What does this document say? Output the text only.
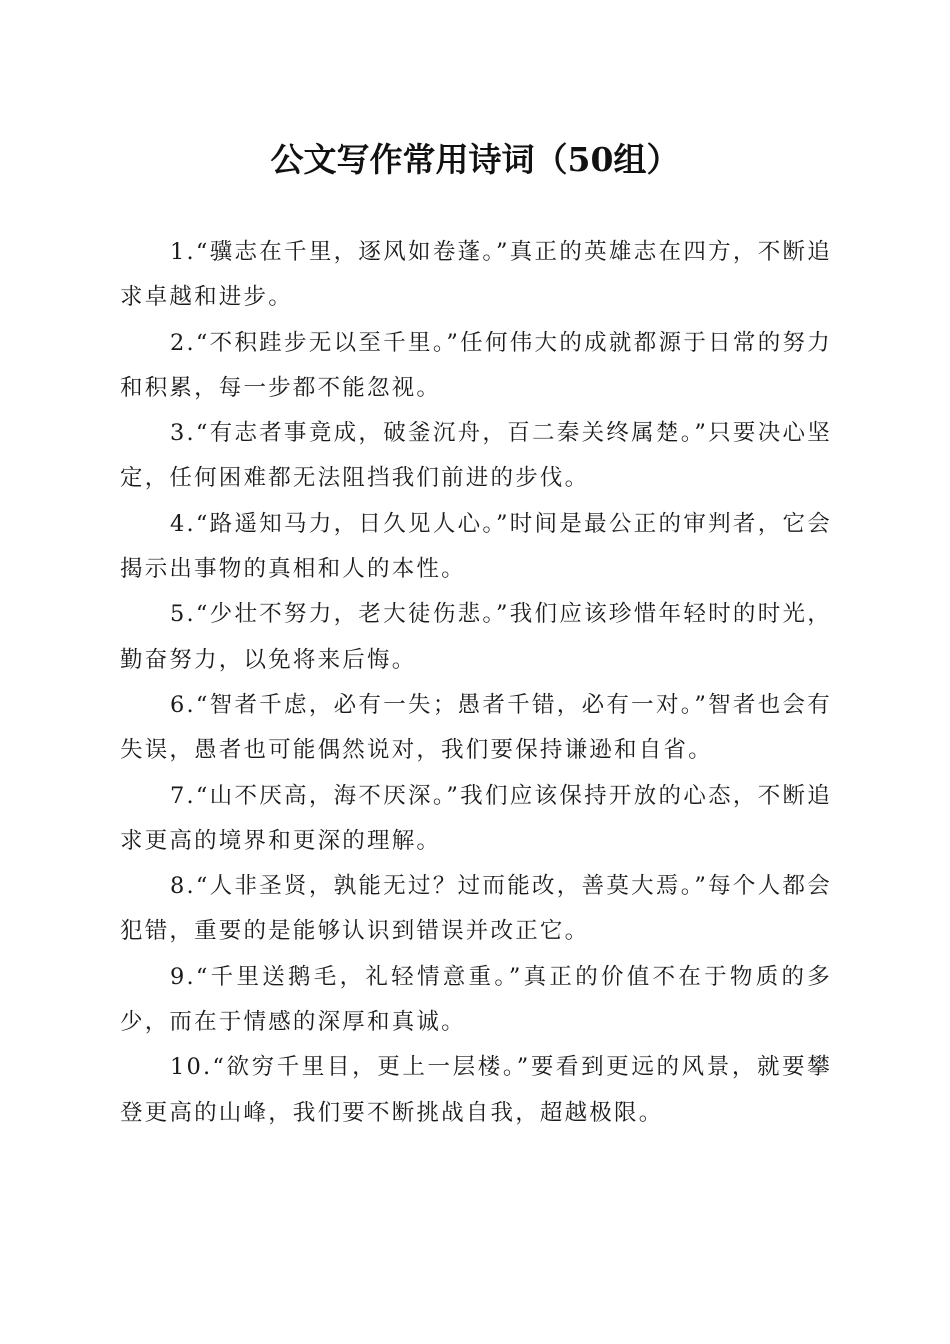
公文写作常用诗词（50组）

1.“骥志在千里，逐风如卷蓬。”真正的英雄志在四方，不断追求卓越和进步。

2.“不积跬步无以至千里。”任何伟大的成就都源于日常的努力和积累，每一步都不能忽视。

3.“有志者事竟成，破釜沉舟，百二秦关终属楚。”只要决心坚定，任何困难都无法阻挡我们前进的步伐。

4.“路遥知马力，日久见人心。”时间是最公正的审判者，它会揭示出事物的真相和人的本性。

5.“少壮不努力，老大徒伤悲。”我们应该珍惜年轻时的时光，勤奋努力，以免将来后悔。

6.“智者千虑，必有一失；愚者千错，必有一对。”智者也会有失误，愚者也可能偶然说对，我们要保持谦逊和自省。

7.“山不厌高，海不厌深。”我们应该保持开放的心态，不断追求更高的境界和更深的理解。

8.“人非圣贤，孰能无过？过而能改，善莫大焉。”每个人都会犯错，重要的是能够认识到错误并改正它。

9.“千里送鹅毛，礼轻情意重。”真正的价值不在于物质的多少，而在于情感的深厚和真诚。

10.“欲穷千里目，更上一层楼。”要看到更远的风景，就要攀登更高的山峰，我们要不断挑战自我，超越极限。
